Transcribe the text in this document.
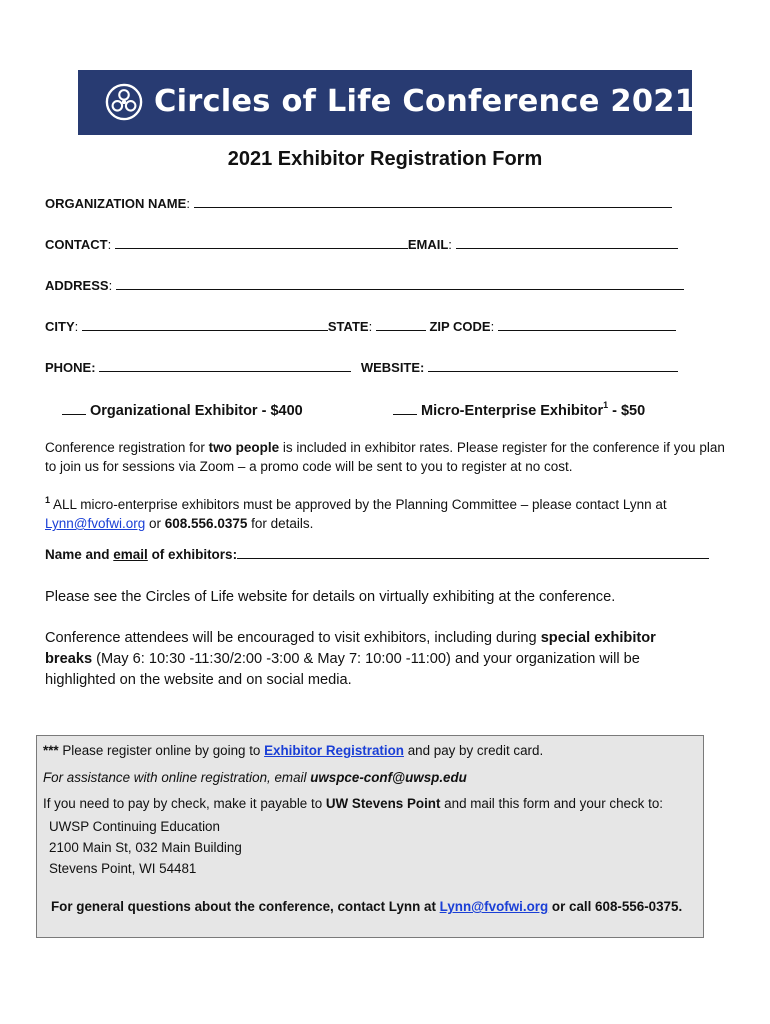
Circles of Life Conference 2021
2021 Exhibitor Registration Form
ORGANIZATION NAME:
CONTACT:	EMAIL:
ADDRESS:
CITY:	STATE:	ZIP CODE:
PHONE:	WEBSITE:
Organizational Exhibitor - $400	Micro-Enterprise Exhibitor$^1$ - $50
Conference registration for two people is included in exhibitor rates. Please register for the conference if you plan to join us for sessions via Zoom – a promo code will be sent to you to register at no cost.
$^1$ ALL micro-enterprise exhibitors must be approved by the Planning Committee – please contact Lynn at Lynn@fvofwi.org or 608.556.0375 for details.
Name and email of exhibitors:
Please see the Circles of Life website for details on virtually exhibiting at the conference.
Conference attendees will be encouraged to visit exhibitors, including during special exhibitor breaks (May 6: 10:30 -11:30/2:00 -3:00 & May 7: 10:00 -11:00) and your organization will be highlighted on the website and on social media.
*** Please register online by going to Exhibitor Registration and pay by credit card.
For assistance with online registration, email uwspce-conf@uwsp.edu
If you need to pay by check, make it payable to UW Stevens Point and mail this form and your check to:
UWSP Continuing Education
2100 Main St, 032 Main Building
Stevens Point, WI 54481
For general questions about the conference, contact Lynn at Lynn@fvofwi.org or call 608-556-0375.
